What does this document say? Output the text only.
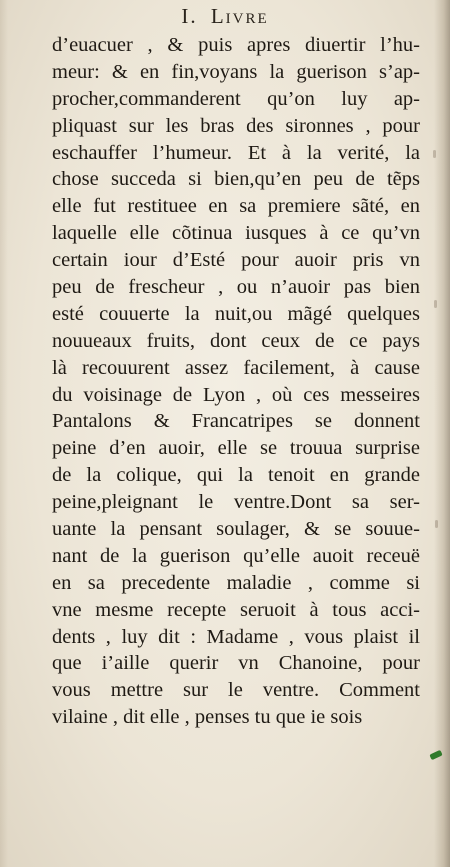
I. Livre
d’euacuer , & puis apres diuertir l’hu-
meur: & en fin,voyans la guerison s’ap-
procher,commanderent qu’on luy ap-
pliquast sur les bras des sironnes , pour
eschauffer l’humeur. Et à la verité, la
chose succeda si bien,qu’en peu de tẽps
elle fut restituee en sa premiere sãté, en
laquelle elle cõtinua iusques à ce qu’vn
certain iour d’Esté pour auoir pris vn
peu de frescheur , ou n’auoir pas bien
esté couuerte la nuit,ou mãgé quelques
nouueaux fruits, dont ceux de ce pays
là recouurent assez facilement, à cause
du voisinage de Lyon , où ces messeires
Pantalons & Francatripes se donnent
peine d’en auoir, elle se trouua surprise
de la colique, qui la tenoit en grande
peine,pleignant le ventre.Dont sa ser-
uante la pensant soulager, & se souue-
nant de la guerison qu’elle auoit receuë
en sa precedente maladie , comme si
vne mesme recepte seruoit à tous acci-
dents , luy dit : Madame , vous plaist il
que i’aille querir vn Chanoine, pour
vous mettre sur le ventre. Comment
vilaine , dit elle , penses tu que ie sois
